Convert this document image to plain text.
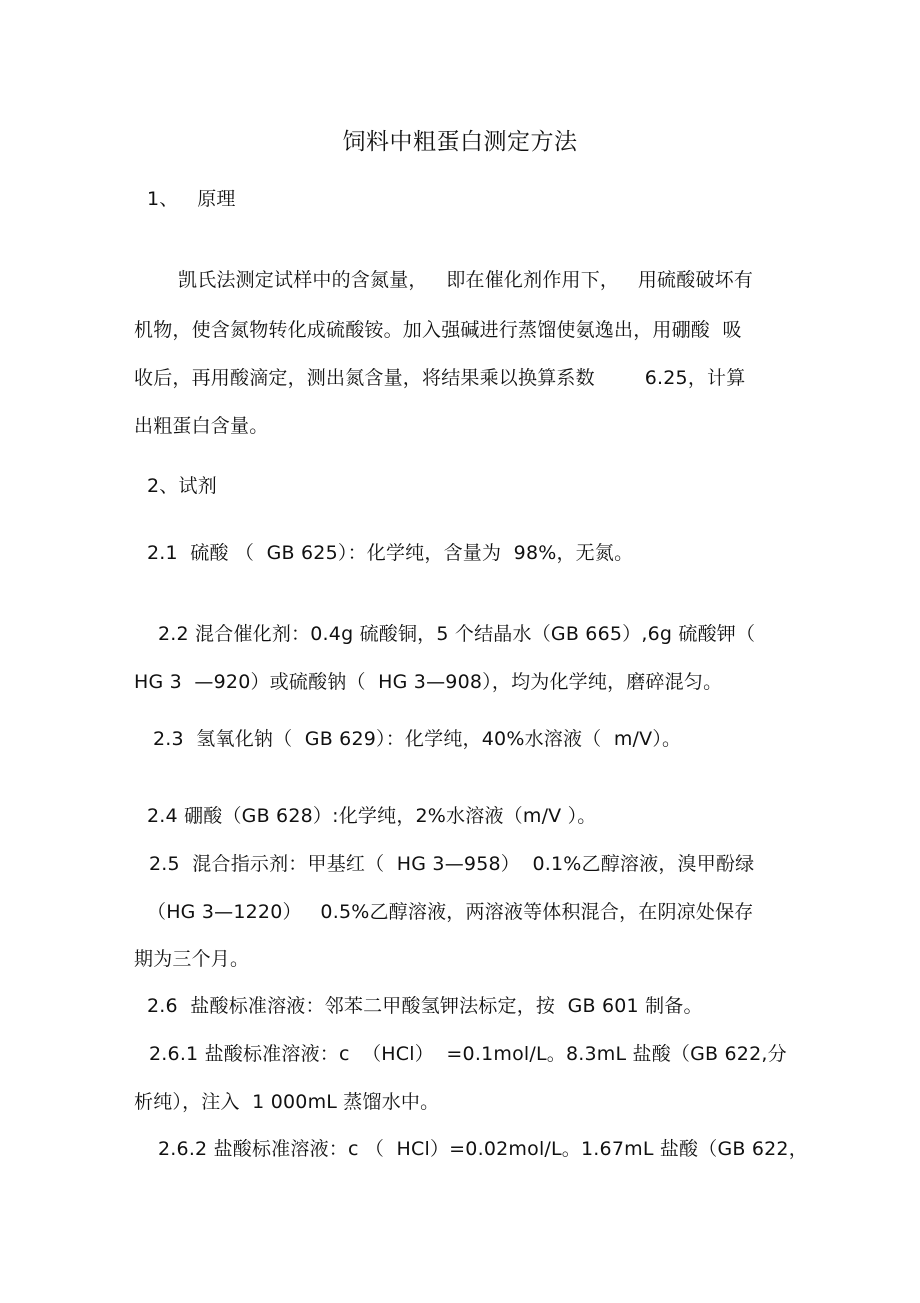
饲料中粗蛋白测定方法
1、   原理
凯氏法测定试样中的含氮量，   即在催化剂作用下，   用硫酸破坏有
机物，使含氮物转化成硫酸铵。加入强碱进行蒸馏使氨逸出，用硼酸  吸
收后，再用酸滴定，测出氮含量，将结果乘以换算系数        6.25，计算
出粗蛋白含量。
2、试剂
2.1  硫酸 （  GB 625）：化学纯，含量为  98%，无氮。
2.2 混合催化剂：0.4g 硫酸铜，5 个结晶水（GB 665）,6g 硫酸钾（
HG 3  —920）或硫酸钠（  HG 3—908），均为化学纯，磨碎混匀。
2.3  氢氧化钠（  GB 629）：化学纯，40%水溶液（  m/V）。
2.4 硼酸（GB 628）:化学纯，2%水溶液（m/V ）。
2.5  混合指示剂：甲基红（  HG 3—958）  0.1%乙醇溶液，溴甲酚绿
（HG 3—1220）   0.5%乙醇溶液，两溶液等体积混合，在阴凉处保存
期为三个月。
2.6  盐酸标准溶液：邻苯二甲酸氢钾法标定，按  GB 601 制备。
2.6.1 盐酸标准溶液：c  （HCl）  =0.1mol/L。8.3mL 盐酸（GB 622,分
析纯），注入  1 000mL 蒸馏水中。
2.6.2 盐酸标准溶液：c （  HCl）=0.02mol/L。1.67mL 盐酸（GB 622，
